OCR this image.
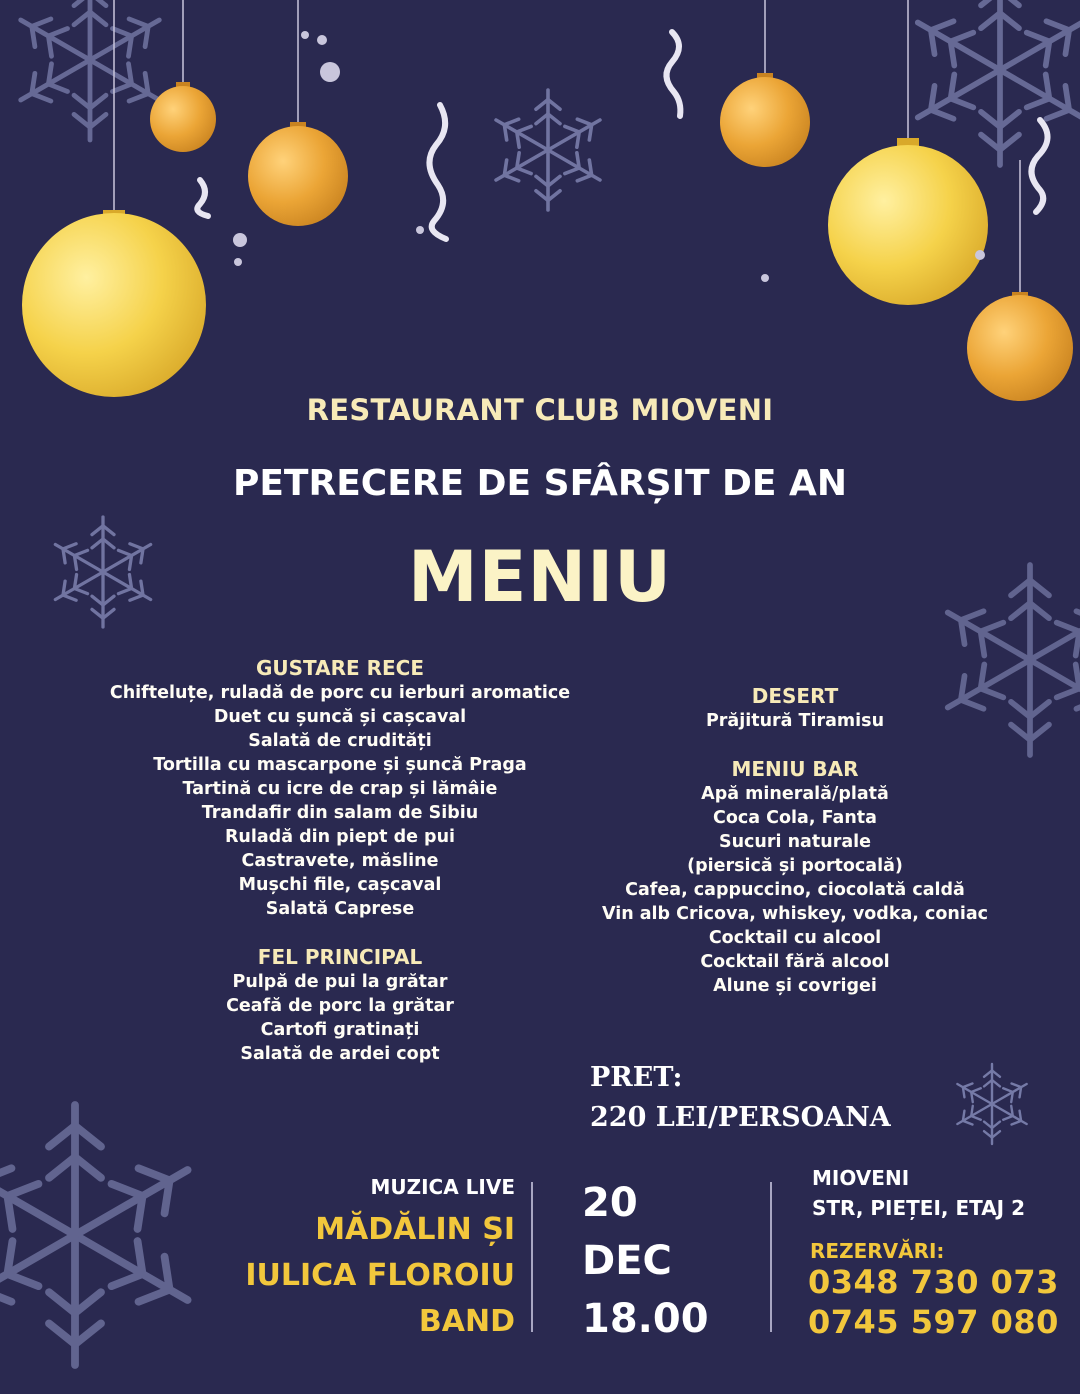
RESTAURANT CLUB MIOVENI

PETRECERE DE SFÂRȘIT DE AN

MENIU

GUSTARE RECE
Chifteluțe, ruladă de porc cu ierburi aromatice
Duet cu șuncă și cașcaval
Salată de crudități
Tortilla cu mascarpone și șuncă Praga
Tartină cu icre de crap și lămâie
Trandafir din salam de Sibiu
Ruladă din piept de pui
Castravete, măsline
Mușchi file, cașcaval
Salată Caprese
FEL PRINCIPAL
Pulpă de pui la grătar
Ceafă de porc la grătar
Cartofi gratinați
Salată de ardei copt
DESERT
Prăjitură Tiramisu
MENIU BAR
Apă minerală/plată
Coca Cola, Fanta
Sucuri naturale
(piersică și portocală)
Cafea, cappuccino, ciocolată caldă
Vin alb Cricova, whiskey, vodka, coniac
Cocktail cu alcool
Cocktail fără alcool
Alune și covrigei
PRET:
220 LEI/PERSOANA
MUZICA LIVE
MĂDĂLIN ȘI
IULICA FLOROIU
BAND
20
DEC
18.00
MIOVENI
STR, PIEȚEI, ETAJ 2
REZERVĂRI:
0348 730 073
0745 597 080
